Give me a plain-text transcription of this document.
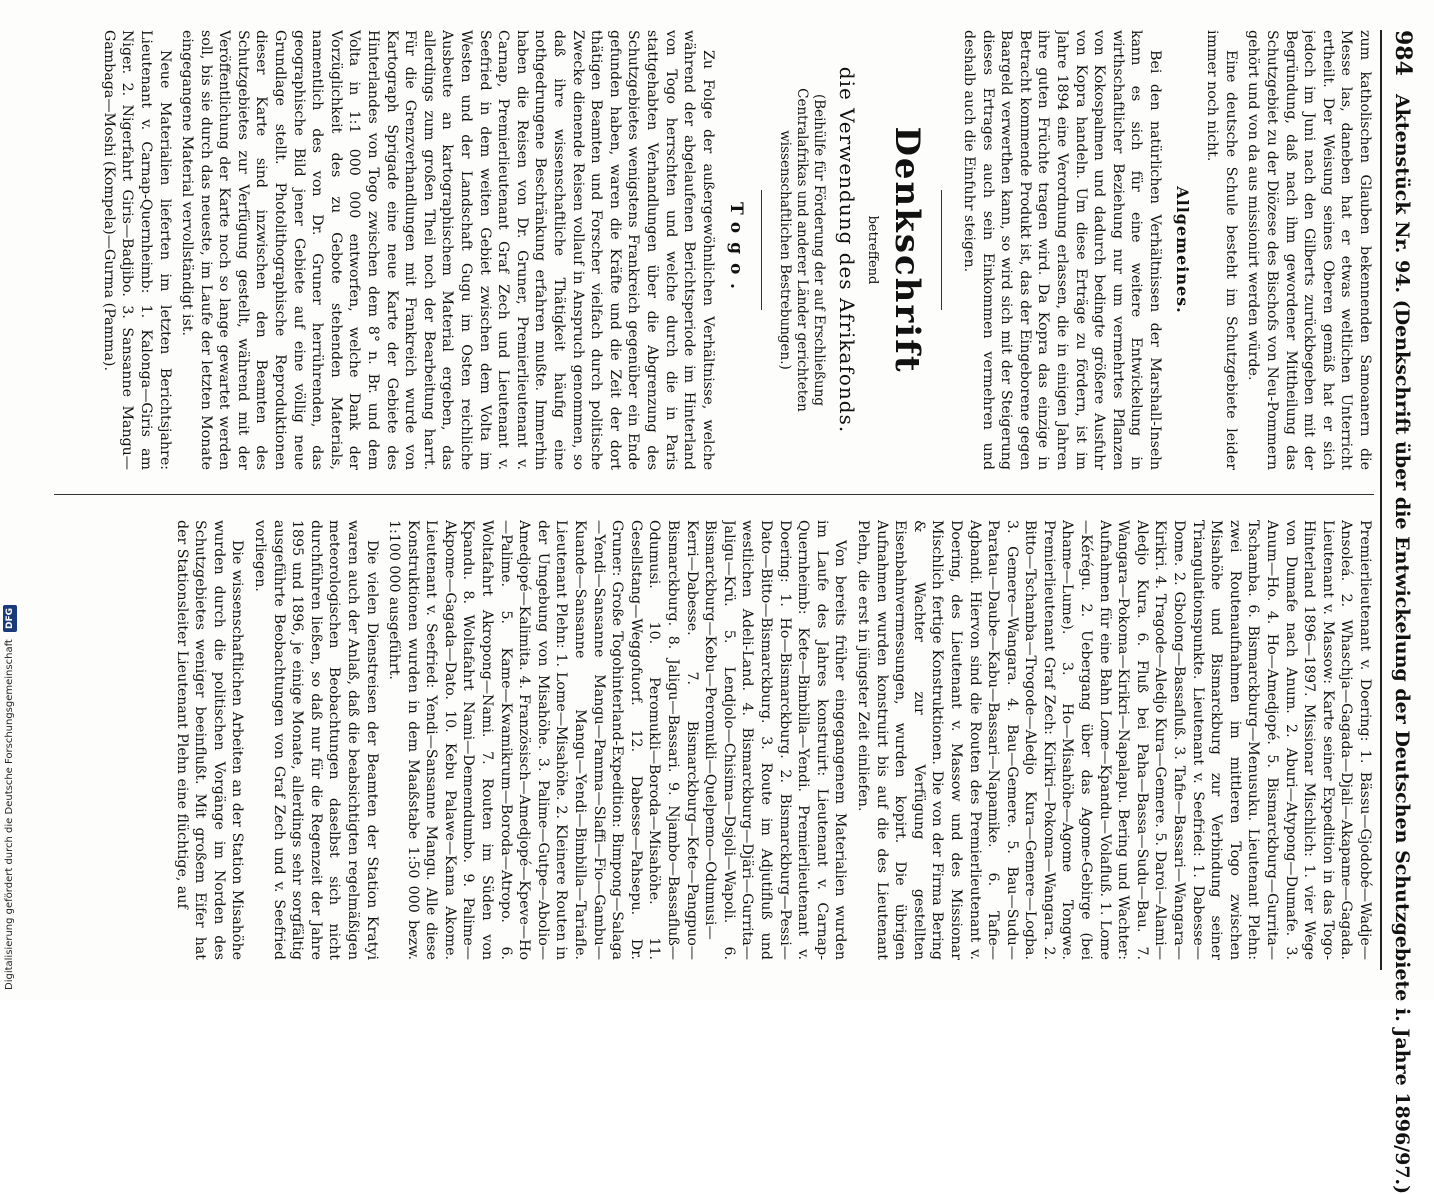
Digitalisierung gefördert durch die Deutsche Forschungsgemeinschaft DFG
984
Aktenstück Nr. 94. (Denkschrift über die Entwickelung der Deutschen Schutzgebiete i. Jahre 1896/97.)

zum katholischen Glauben bekennenden Samoanern die Messe las, daneben hat er etwas weltlichen Unterricht ertheilt. Der Weisung seines Oberen gemäß hat er sich jedoch im Juni nach den Gilberts zurückbegeben mit der Begründung, daß nach ihm gewordener Mittheilung das Schutzgebiet zu der Diözese des Bischofs von Neu-Pommern gehört und von da aus missionirt werden würde.

Eine deutsche Schule besteht im Schutzgebiete leider immer noch nicht.

Allgemeines.

Bei den natürlichen Verhältnissen der Marshall-Inseln kann es sich für eine weitere Entwickelung in wirthschaftlicher Beziehung nur um vermehrtes Pflanzen von Kokospalmen und dadurch bedingte größere Ausfuhr von Kopra handeln. Um diese Erträge zu fördern, ist im Jahre 1894 eine Verordnung erlassen, die in einigen Jahren ihre guten Früchte tragen wird. Da Kopra das einzige in Betracht kommende Produkt ist, das der Eingeborene gegen Baargeld verwerthen kann, so wird sich mit der Steigerung dieses Ertrages auch sein Einkommen vermehren und deshalb auch die Einfuhr steigen.

Denkschrift
betreffend
die Verwendung des Afrikafonds.
(Beihülfe für Förderung der auf Erschließung Centralafrikas und anderer Länder gerichteten wissenschaftlichen Bestrebungen.)
Togo.

Zu Folge der außergewöhnlichen Verhältnisse, welche während der abgelaufenen Berichtsperiode im Hinterland von Togo herrschten und welche durch die in Paris stattgehabten Verhandlungen über die Abgrenzung des Schutzgebietes wenigstens Frankreich gegenüber ein Ende gefunden haben, waren die Kräfte und die Zeit der dort thätigen Beamten und Forscher vielfach durch politische Zwecke dienende Reisen vollauf in Anspruch genommen, so daß ihre wissenschaftliche Thätigkeit häufig eine nothgedrungene Beschränkung erfahren mußte. Immerhin haben die Reisen von Dr. Gruner, Premierlieutenant v. Carnap, Premierlieutenant Graf Zech und Lieutenant v. Seefried in dem weiten Gebiet zwischen dem Volta im Westen und der Landschaft Gugu im Osten reichliche Ausbeute an kartographischem Material ergeben, das allerdings zum großen Theil noch der Bearbeitung harrt. Für die Grenzverhandlungen mit Frankreich wurde von Kartograph Sprigade eine neue Karte der Gebiete des Hinterlandes von Togo zwischen dem 8° n. Br. und dem Volta in 1:1 000 000 entworfen, welche Dank der Vorzüglichkeit des zu Gebote stehenden Materials, namentlich des von Dr. Gruner herrührenden, das geographische Bild jener Gebiete auf eine völlig neue Grundlage stellt. Photolithographische Reproduktionen dieser Karte sind inzwischen den Beamten des Schutzgebietes zur Verfügung gestellt, während mit der Veröffentlichung der Karte noch so lange gewartet werden soll, bis sie durch das neueste, im Laufe der letzten Monate eingegangene Material vervollständigt ist.

Neue Materialien lieferten im letzten Berichtsjahre: Lieutenant v. Carnap-Quernheimb: 1. Kalonga—Giris am Niger. 2. Nigerfahrt Giris—Badjibo. 3. Sansanne Mangu—Gambaga—Moshi (Kompela)—Gurma (Pamma).

Premierlieutenant v. Doering: 1. Bässu—Gjodobé—Wadje—Ansoleá. 2. Whaschja—Gagada—Djali—Akapame—Gagada. Lieutenant v. Massow: Karte seiner Expedition in das Togo-Hinterland 1896—1897. Missionar Mischlich: 1. vier Wege von Dumafe nach Anum. 2. Aburi—Atypong—Dumafe. 3. Anum—Ho. 4. Ho—Amedjopé. 5. Bismarckburg—Gurrita—Tschamba. 6. Bismarckburg—Menusuku. Lieutenant Plehn: zwei Routenaufnahmen im mittleren Togo zwischen Misahöhe und Bismarckburg zur Verbindung seiner Triangulationspunkte. Lieutenant v. Seefried: 1. Dabesse—Dome. 2. Gbolong—Bassafluß. 3. Tafie—Bassari—Wangara—Kirikri. 4. Tragode—Aledjo Kura—Gemere. 5. Daroi—Alami—Aledjo Kura. 6. Fluß bei Paha—Bassa—Sudu—Bau. 7. Wangara—Pokoma—Kirikri—Napalapu. Bering und Wachter: Aufnahmen für eine Bahn Lome—Kpandu—Volafluß. 1. Lome—Kérégu. 2. Uebergang über das Agome-Gebirge (bei Ahame—Lume). 3. Ho—Misahöhe—Agome Tongwe. Premierlieutenant Graf Zech: Kirikri—Pokoma—Wangara. 2. Bitto—Tschamba—Trogode—Aledjo Kura—Gemere—Logba. 3. Gemere—Wangara. 4. Bau—Gemere. 5. Bau—Sudu—Paratau—Daube—Kabu—Bassari—Napamike. 6. Tafie—Agbandi. Hiervon sind die Routen des Premierlieutenant v. Doering, des Lieutenant v. Massow und des Missionar Mischlich fertige Konstruktionen. Die von der Firma Bering & Wachter zur Verfügung gestellten Eisenbahnvermessungen, wurden kopirt. Die übrigen Aufnahmen wurden konstruirt bis auf die des Lieutenant Plehn, die erst in jüngster Zeit einliefen.

Von bereits früher eingegangenem Materialien wurden im Laufe des Jahres konstruirt: Lieutenant v. Carnap-Quernheimb: Kete—Bimbilla—Yendi. Premierlieutenant v. Doering: 1. Ho—Bismarckburg. 2. Bismarckburg—Pessi—Dato—Bitto—Bismarckburg. 3. Route im Adjutifluß und westlichen Adeli-Land. 4. Bismarckburg—Djäri—Gurrita—Jaligu—Krü. 5. Lendjolo—Chisima—Dsjoli—Wapoli. 6. Bismarckburg—Kebu—Peromukli—Quelpemo—Odumusi—Kerri—Dabesse. 7. Bismarckburg—Kete—Pangpuo—Bismarckburg. 8. Jaligu—Bassari. 9. Njambo—Bassafluß—Odumusi. 10. Peromukli—Boroda—Misahöhe. 11. Gesellstang—Weggofuorf. 12. Dabesse—Pahsepu. Dr. Gruner: Große Togohinterland-Expedition: Bimpong—Salaga—Yendi—Sansanne Mangu—Pamma—Slaffi—Fio—Gambu—Kuande—Sansanne Mangu—Yendi—Bimbilla—Tariafle. Lieutenant Plehn: 1. Lome—Misahöhe. 2. Kleinere Routen in der Umgebung von Misahöhe. 3. Palime—Gutpe—Abolio—Amedjopé—Kalimita. 4. Französisch—Amedjopé—Kpeve—Ho—Palime. 5. Kame—Kwamikrum—Boroda—Atropo. 6. Woltafahrt Akropong—Nami. 7. Routen im Süden von Kpandu. 8. Woltafahrt Nami—Dememdumbo. 9. Palime—Akpome—Gagada—Dato. 10. Kebu Palawe—Kama Akome. Lieutenant v. Seefried: Yendi—Sansanne Mangu. Alle diese Konstruktionen wurden in dem Maaßstabe 1:50 000 bezw. 1:100 000 ausgeführt.

Die vielen Dienstreisen der Beamten der Station Kratyi waren auch der Anlaß, daß die beabsichtigten regelmäßigen meteorologischen Beobachtungen daselbst sich nicht durchführen ließen, so daß nur für die Regenzeit der Jahre 1895 und 1896, je einige Monate, allerdings sehr sorgfältig ausgeführte Beobachtungen von Graf Zech und v. Seefried vorliegen.

Die wissenschaftlichen Arbeiten an der Station Misahöhe wurden durch die politischen Vorgänge im Norden des Schutzgebietes weniger beeinflußt. Mit großem Eifer hat der Stationsleiter Lieutenant Plehn eine flüchtige, auf
